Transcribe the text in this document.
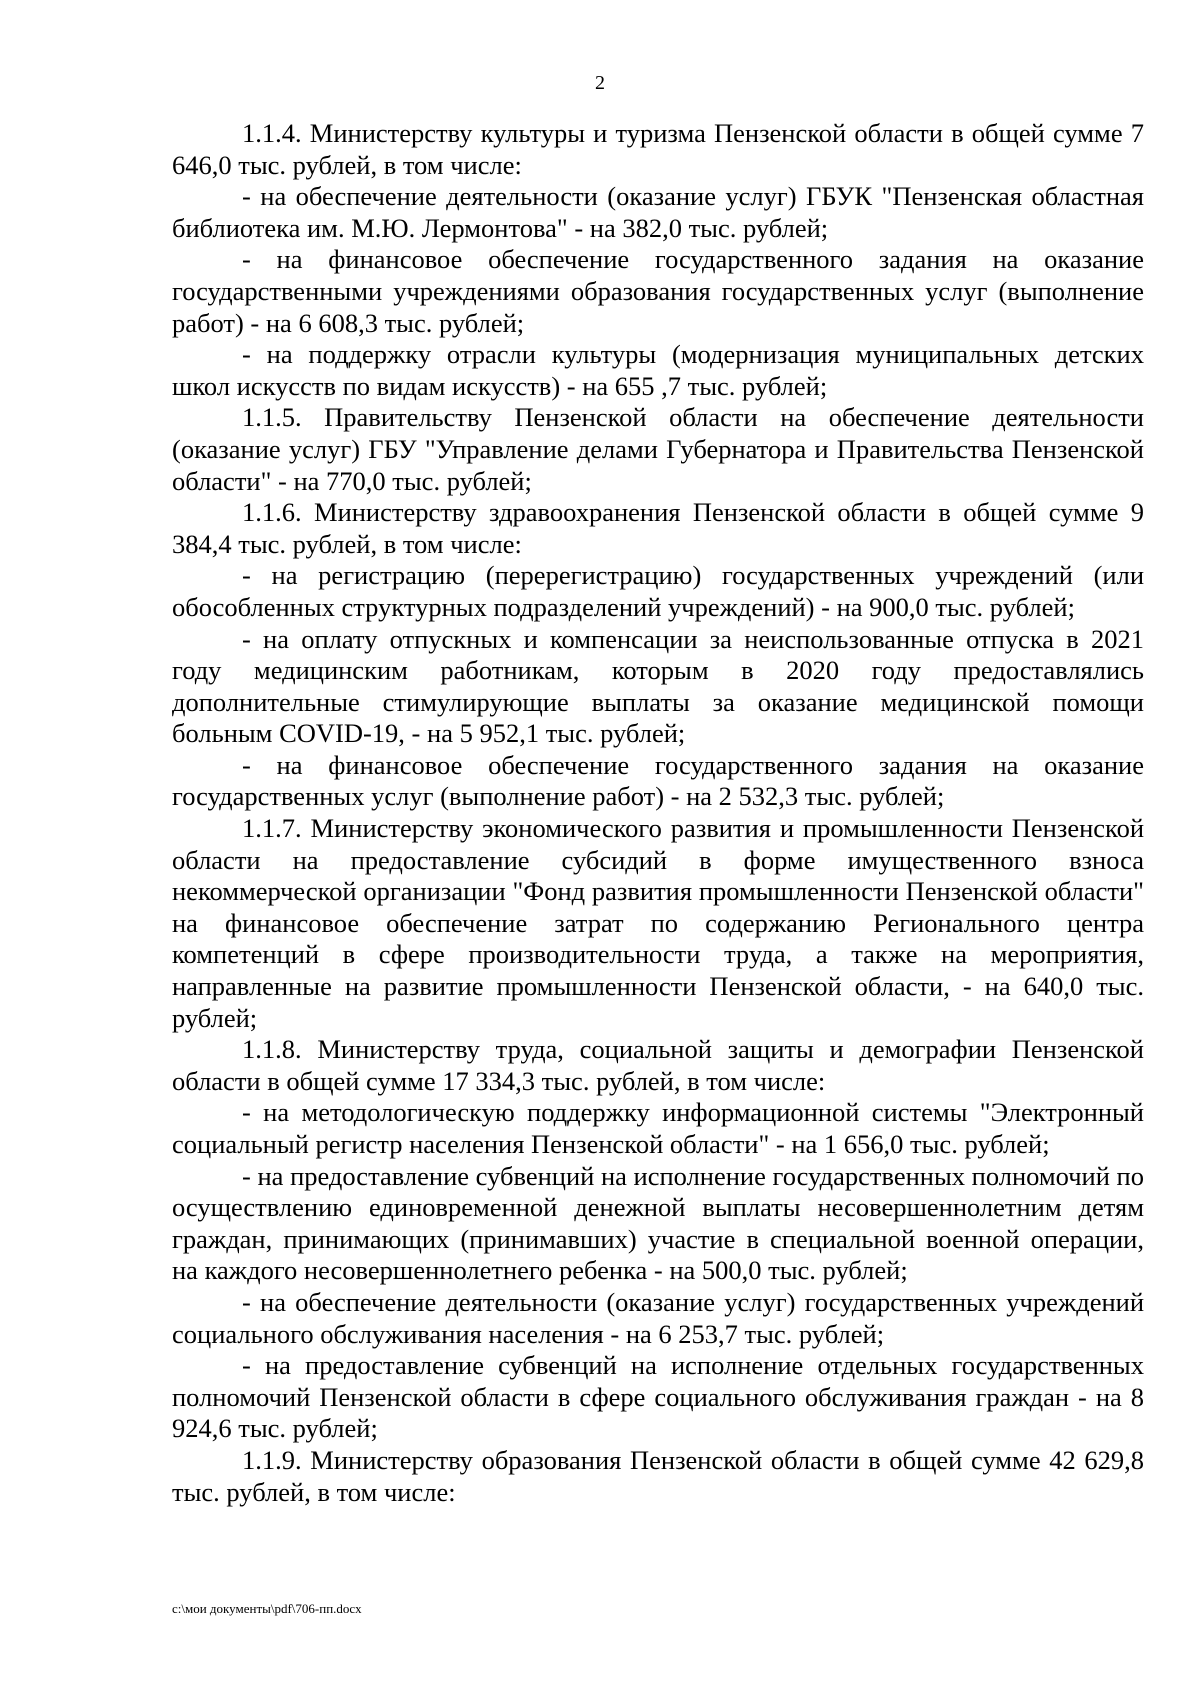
2

1.1.4. Министерству культуры и туризма Пензенской области в общей сумме 7 646,0 тыс. рублей, в том числе:

- на обеспечение деятельности (оказание услуг) ГБУК "Пензенская областная библиотека им. М.Ю. Лермонтова" - на 382,0 тыс. рублей;

- на финансовое обеспечение государственного задания на оказание государственными учреждениями образования государственных услуг (выполнение работ) - на 6 608,3 тыс. рублей;

- на поддержку отрасли культуры (модернизация муниципальных детских школ искусств по видам искусств) - на 655 ,7 тыс. рублей;

1.1.5. Правительству Пензенской области на обеспечение деятельности (оказание услуг) ГБУ "Управление делами Губернатора и Правительства Пензенской области" - на 770,0 тыс. рублей;

1.1.6. Министерству здравоохранения Пензенской области в общей сумме 9 384,4 тыс. рублей, в том числе:

- на регистрацию (перерегистрацию) государственных учреждений (или обособленных структурных подразделений учреждений) - на 900,0 тыс. рублей;

- на оплату отпускных и компенсации за неиспользованные отпуска в 2021 году медицинским работникам, которым в 2020 году предоставлялись дополнительные стимулирующие выплаты за оказание медицинской помощи больным COVID-19, - на 5 952,1 тыс. рублей;

- на финансовое обеспечение государственного задания на оказание государственных услуг (выполнение работ) - на 2 532,3 тыс. рублей;

1.1.7. Министерству экономического развития и промышленности Пензенской области на предоставление субсидий в форме имущественного взноса некоммерческой организации "Фонд развития промышленности Пензенской области" на финансовое обеспечение затрат по содержанию Регионального центра компетенций в сфере производительности труда, а также на мероприятия, направленные на развитие промышленности Пензенской области, - на 640,0 тыс. рублей;

1.1.8. Министерству труда, социальной защиты и демографии Пензенской области в общей сумме 17 334,3 тыс. рублей, в том числе:

- на методологическую поддержку информационной системы "Электронный социальный регистр населения Пензенской области" - на 1 656,0 тыс. рублей;

- на предоставление субвенций на исполнение государственных полномочий по осуществлению единовременной денежной выплаты несовершеннолетним детям граждан, принимающих (принимавших) участие в специальной военной операции, на каждого несовершеннолетнего ребенка - на 500,0 тыс. рублей;

- на обеспечение деятельности (оказание услуг) государственных учреждений социального обслуживания населения - на 6 253,7 тыс. рублей;

- на предоставление субвенций на исполнение отдельных государственных полномочий Пензенской области в сфере социального обслуживания граждан - на 8 924,6 тыс. рублей;

1.1.9. Министерству образования Пензенской области в общей сумме 42 629,8 тыс. рублей, в том числе:

c:\мои документы\pdf\706-пп.docx
